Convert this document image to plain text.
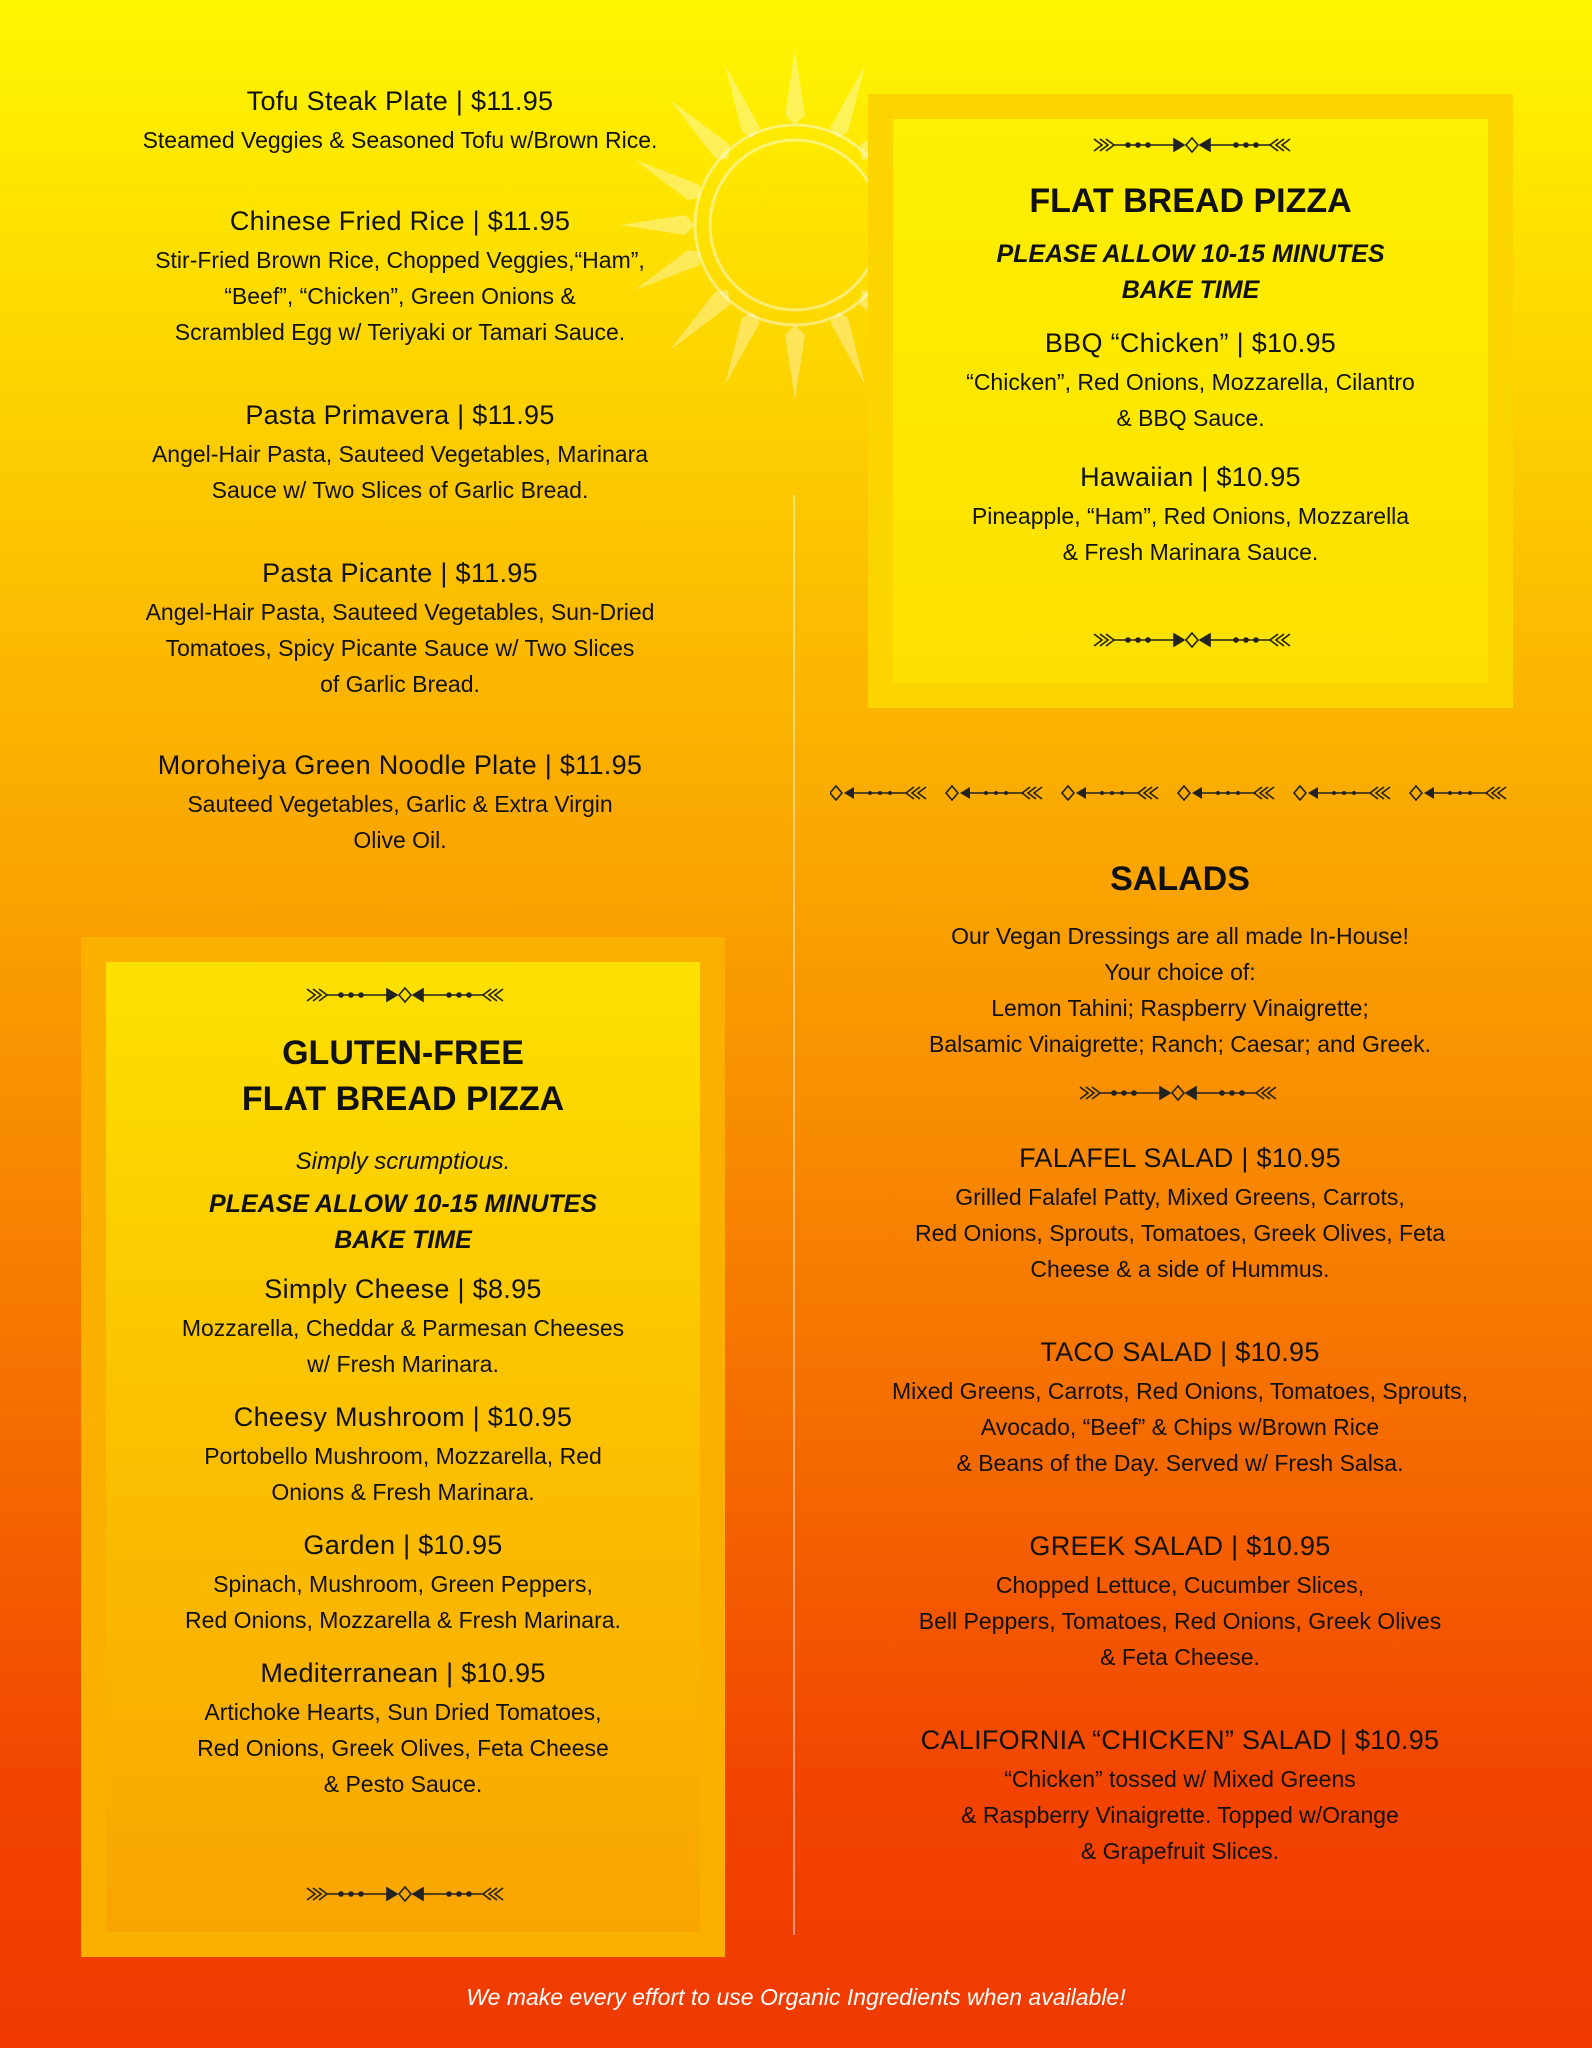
Tofu Steak Plate | $11.95
Steamed Veggies & Seasoned Tofu w/Brown Rice.
Chinese Fried Rice | $11.95
Stir-Fried Brown Rice, Chopped Veggies,“Ham”,
“Beef”, “Chicken”, Green Onions &
Scrambled Egg w/ Teriyaki or Tamari Sauce.
Pasta Primavera | $11.95
Angel-Hair Pasta, Sauteed Vegetables, Marinara
Sauce w/ Two Slices of Garlic Bread.
Pasta Picante | $11.95
Angel-Hair Pasta, Sauteed Vegetables, Sun-Dried
Tomatoes, Spicy Picante Sauce w/ Two Slices
of Garlic Bread.
Moroheiya Green Noodle Plate | $11.95
Sauteed Vegetables, Garlic & Extra Virgin
Olive Oil.
GLUTEN-FREE
FLAT BREAD PIZZA
Simply scrumptious.
PLEASE ALLOW 10-15 MINUTES
BAKE TIME
Simply Cheese | $8.95
Mozzarella, Cheddar & Parmesan Cheeses
w/ Fresh Marinara.
Cheesy Mushroom | $10.95
Portobello Mushroom, Mozzarella, Red
Onions & Fresh Marinara.
Garden | $10.95
Spinach, Mushroom, Green Peppers,
Red Onions, Mozzarella & Fresh Marinara.
Mediterranean | $10.95
Artichoke Hearts, Sun Dried Tomatoes,
Red Onions, Greek Olives, Feta Cheese
& Pesto Sauce.
FLAT BREAD PIZZA
PLEASE ALLOW 10-15 MINUTES
BAKE TIME
BBQ “Chicken” | $10.95
“Chicken”, Red Onions, Mozzarella, Cilantro
& BBQ Sauce.
Hawaiian | $10.95
Pineapple, “Ham”, Red Onions, Mozzarella
& Fresh Marinara Sauce.
SALADS
Our Vegan Dressings are all made In-House!
Your choice of:
Lemon Tahini; Raspberry Vinaigrette;
Balsamic Vinaigrette; Ranch; Caesar; and Greek.
FALAFEL SALAD | $10.95
Grilled Falafel Patty, Mixed Greens, Carrots,
Red Onions, Sprouts, Tomatoes, Greek Olives, Feta
Cheese & a side of Hummus.
TACO SALAD | $10.95
Mixed Greens, Carrots, Red Onions, Tomatoes, Sprouts,
Avocado, “Beef” & Chips w/Brown Rice
& Beans of the Day. Served w/ Fresh Salsa.
GREEK SALAD | $10.95
Chopped Lettuce, Cucumber Slices,
Bell Peppers, Tomatoes, Red Onions, Greek Olives
& Feta Cheese.
CALIFORNIA “CHICKEN” SALAD | $10.95
“Chicken” tossed w/ Mixed Greens
& Raspberry Vinaigrette. Topped w/Orange
& Grapefruit Slices.
We make every effort to use Organic Ingredients when available!
